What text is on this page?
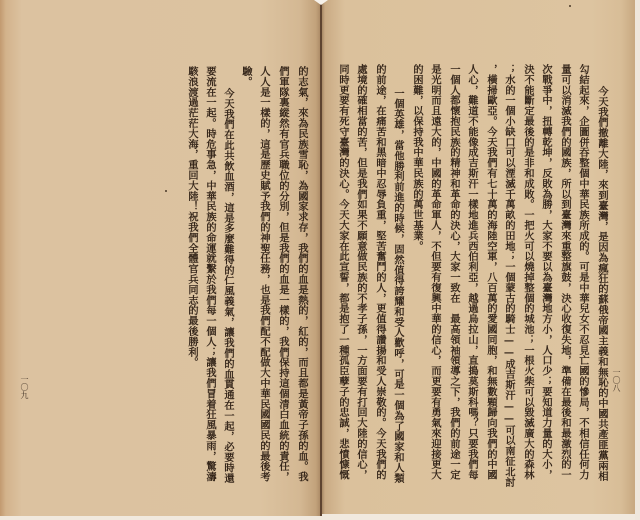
今天我們撤離大陸，來到臺灣，是因為瘋狂的蘇俄帝國主義和無恥的中國共產匪黨兩相
勾結起來，企圖併吞整個中華民族所成的。可是中華兒女不忍見亡國的慘局，不相信任何力
量可以消滅我們的國族，所以到臺灣來重整旗鼓，決心收復失地，準備在最後和最激烈的一
次戰爭中，扭轉乾坤，反敗為勝，大家不要以為臺灣地方小，人口少；要知道力量的大小，
決不能斷定最後的是非和成敗。一把火可以燒掉整個的城池；一根火柴可以毀滅廣大的森林
；水的一個小缺口可以湮滅千萬畝的田地；一個蒙古的騎士——成吉斯汗——可以南征北討
，橫掃歐亞。今天我們有七十萬的海陸空軍，八百萬的愛國同胞，和無數顆歸向我們的中國
人心，難道不能像成吉斯汗一樣地進兵西伯利亞，越過烏拉山，直搗莫斯科嗎？只要我們每
一個人都懷抱民族的精神和革命的決心，大家一致在　最高領袖領導之下，我們的前途一定
是光明而且遠大的，中國的革命軍人，不但要有復興中華的信心，而更要有勇氣來迎接更大
的困難，以保持我中華民族的萬世基業。
一個英雄，當他勝利前進的時候，固然值得誇耀和受人歡呼，可是一個為了國家和人類
的前途，在痛苦和黑暗中忍辱負重，堅苦奮鬥的人，更值得讚揚和受人崇敬的。今天我們的
處境的確相當的苦，但是我們如果不願意做民族的不孝子孫，一方面要有打回大陸的信心，
同時更要有死守臺灣的決心。今天大家在此宣誓，都是抱了一種孤臣孽子的忠誠，悲憤慷慨	一〇八
的志氣，來為民族雪恥，為國家求存，我們的血是熱的，紅的，而且都是黃帝子孫的血。我
們軍隊裏縱然有官兵職位的分別，但是我們的血是一樣的，我們保持這個清白血統的責任，
人人是一樣的，這是歷史賦予我們的神聖任務，也是我們配不配做大中華民國國民的最後考
驗。
今天我們在此共飲血酒，這是多麼難得的仁風義氣，讓我們的血貫通在一起，必要時還
要流在一起。時危事急，中華民族的命運就繫於我們每一個人；讓我們冒着狂風暴雨，驚濤
駭浪渡過茫茫大海，重回大陸！祝我們全體官兵同志的最後勝利。
一〇九
